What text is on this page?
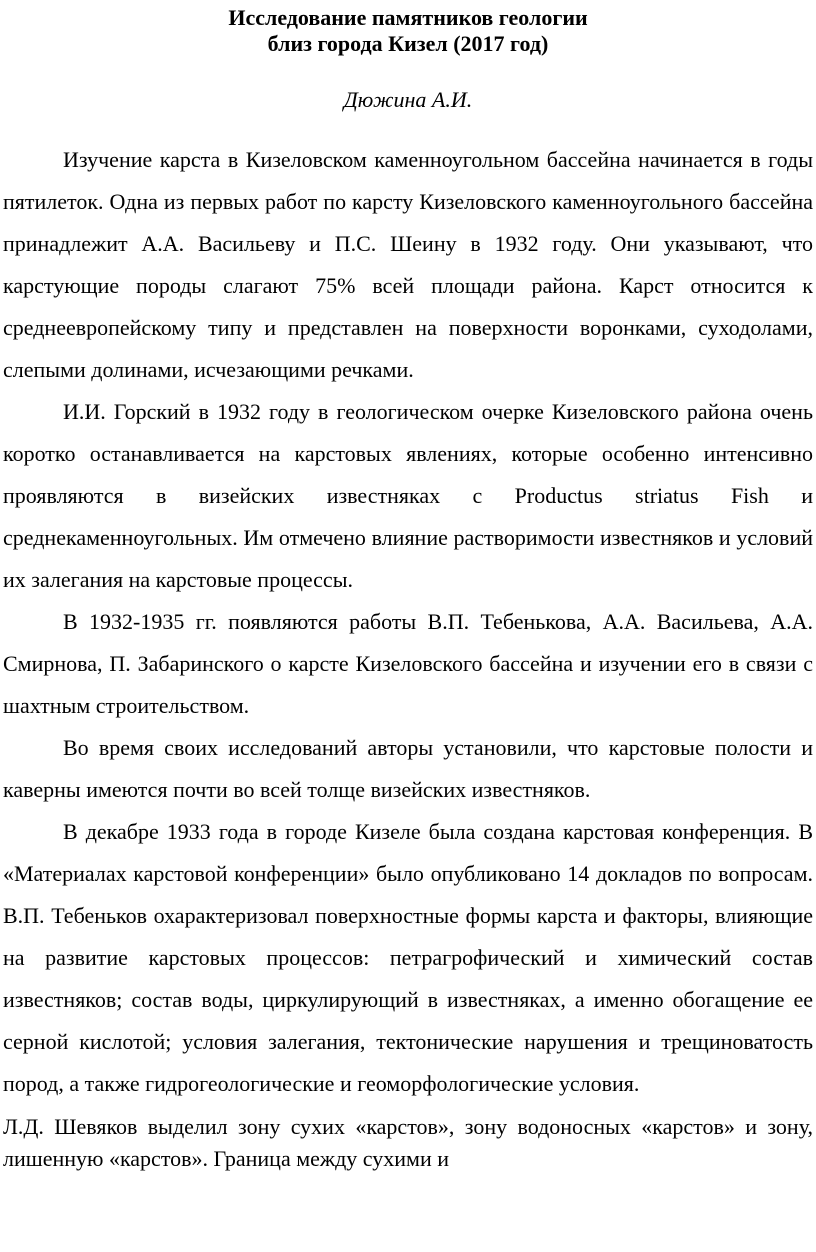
Исследование памятников геологии
близ города Кизел (2017 год)
Дюжина А.И.

Изучение карста в Кизеловском каменноугольном бассейна начинается в годы пятилеток. Одна из первых работ по карсту Кизеловского каменноугольного бассейна принадлежит А.А. Васильеву и П.С. Шеину в 1932 году. Они указывают, что карстующие породы слагают 75% всей площади района. Карст относится к среднеевропейскому типу и представлен на поверхности воронками, суходолами, слепыми долинами, исчезающими речками.

И.И. Горский в 1932 году в геологическом очерке Кизеловского района очень коротко останавливается на карстовых явлениях, которые особенно интенсивно проявляются в визейских известняках с Productus striatus Fish и среднекаменноугольных. Им отмечено влияние растворимости известняков и условий их залегания на карстовые процессы.

В 1932-1935 гг. появляются работы В.П. Тебенькова, А.А. Васильева, А.А. Смирнова, П. Забаринского о карсте Кизеловского бассейна и изучении его в связи с шахтным строительством.

Во время своих исследований авторы установили, что карстовые полости и каверны имеются почти во всей толще визейских известняков.

В декабре 1933 года в городе Кизеле была создана карстовая конференция. В «Материалах карстовой конференции» было опубликовано 14 докладов по вопросам. В.П. Тебеньков охарактеризовал поверхностные формы карста и факторы, влияющие на развитие карстовых процессов: петрагрофический и химический состав известняков; состав воды, циркулирующий в известняках, а именно обогащение ее серной кислотой; условия залегания, тектонические нарушения и трещиноватость пород, а также гидрогеологические и геоморфологические условия.

Л.Д. Шевяков выделил зону сухих «карстов», зону водоносных «карстов» и зону, лишенную «карстов». Граница между сухими и
